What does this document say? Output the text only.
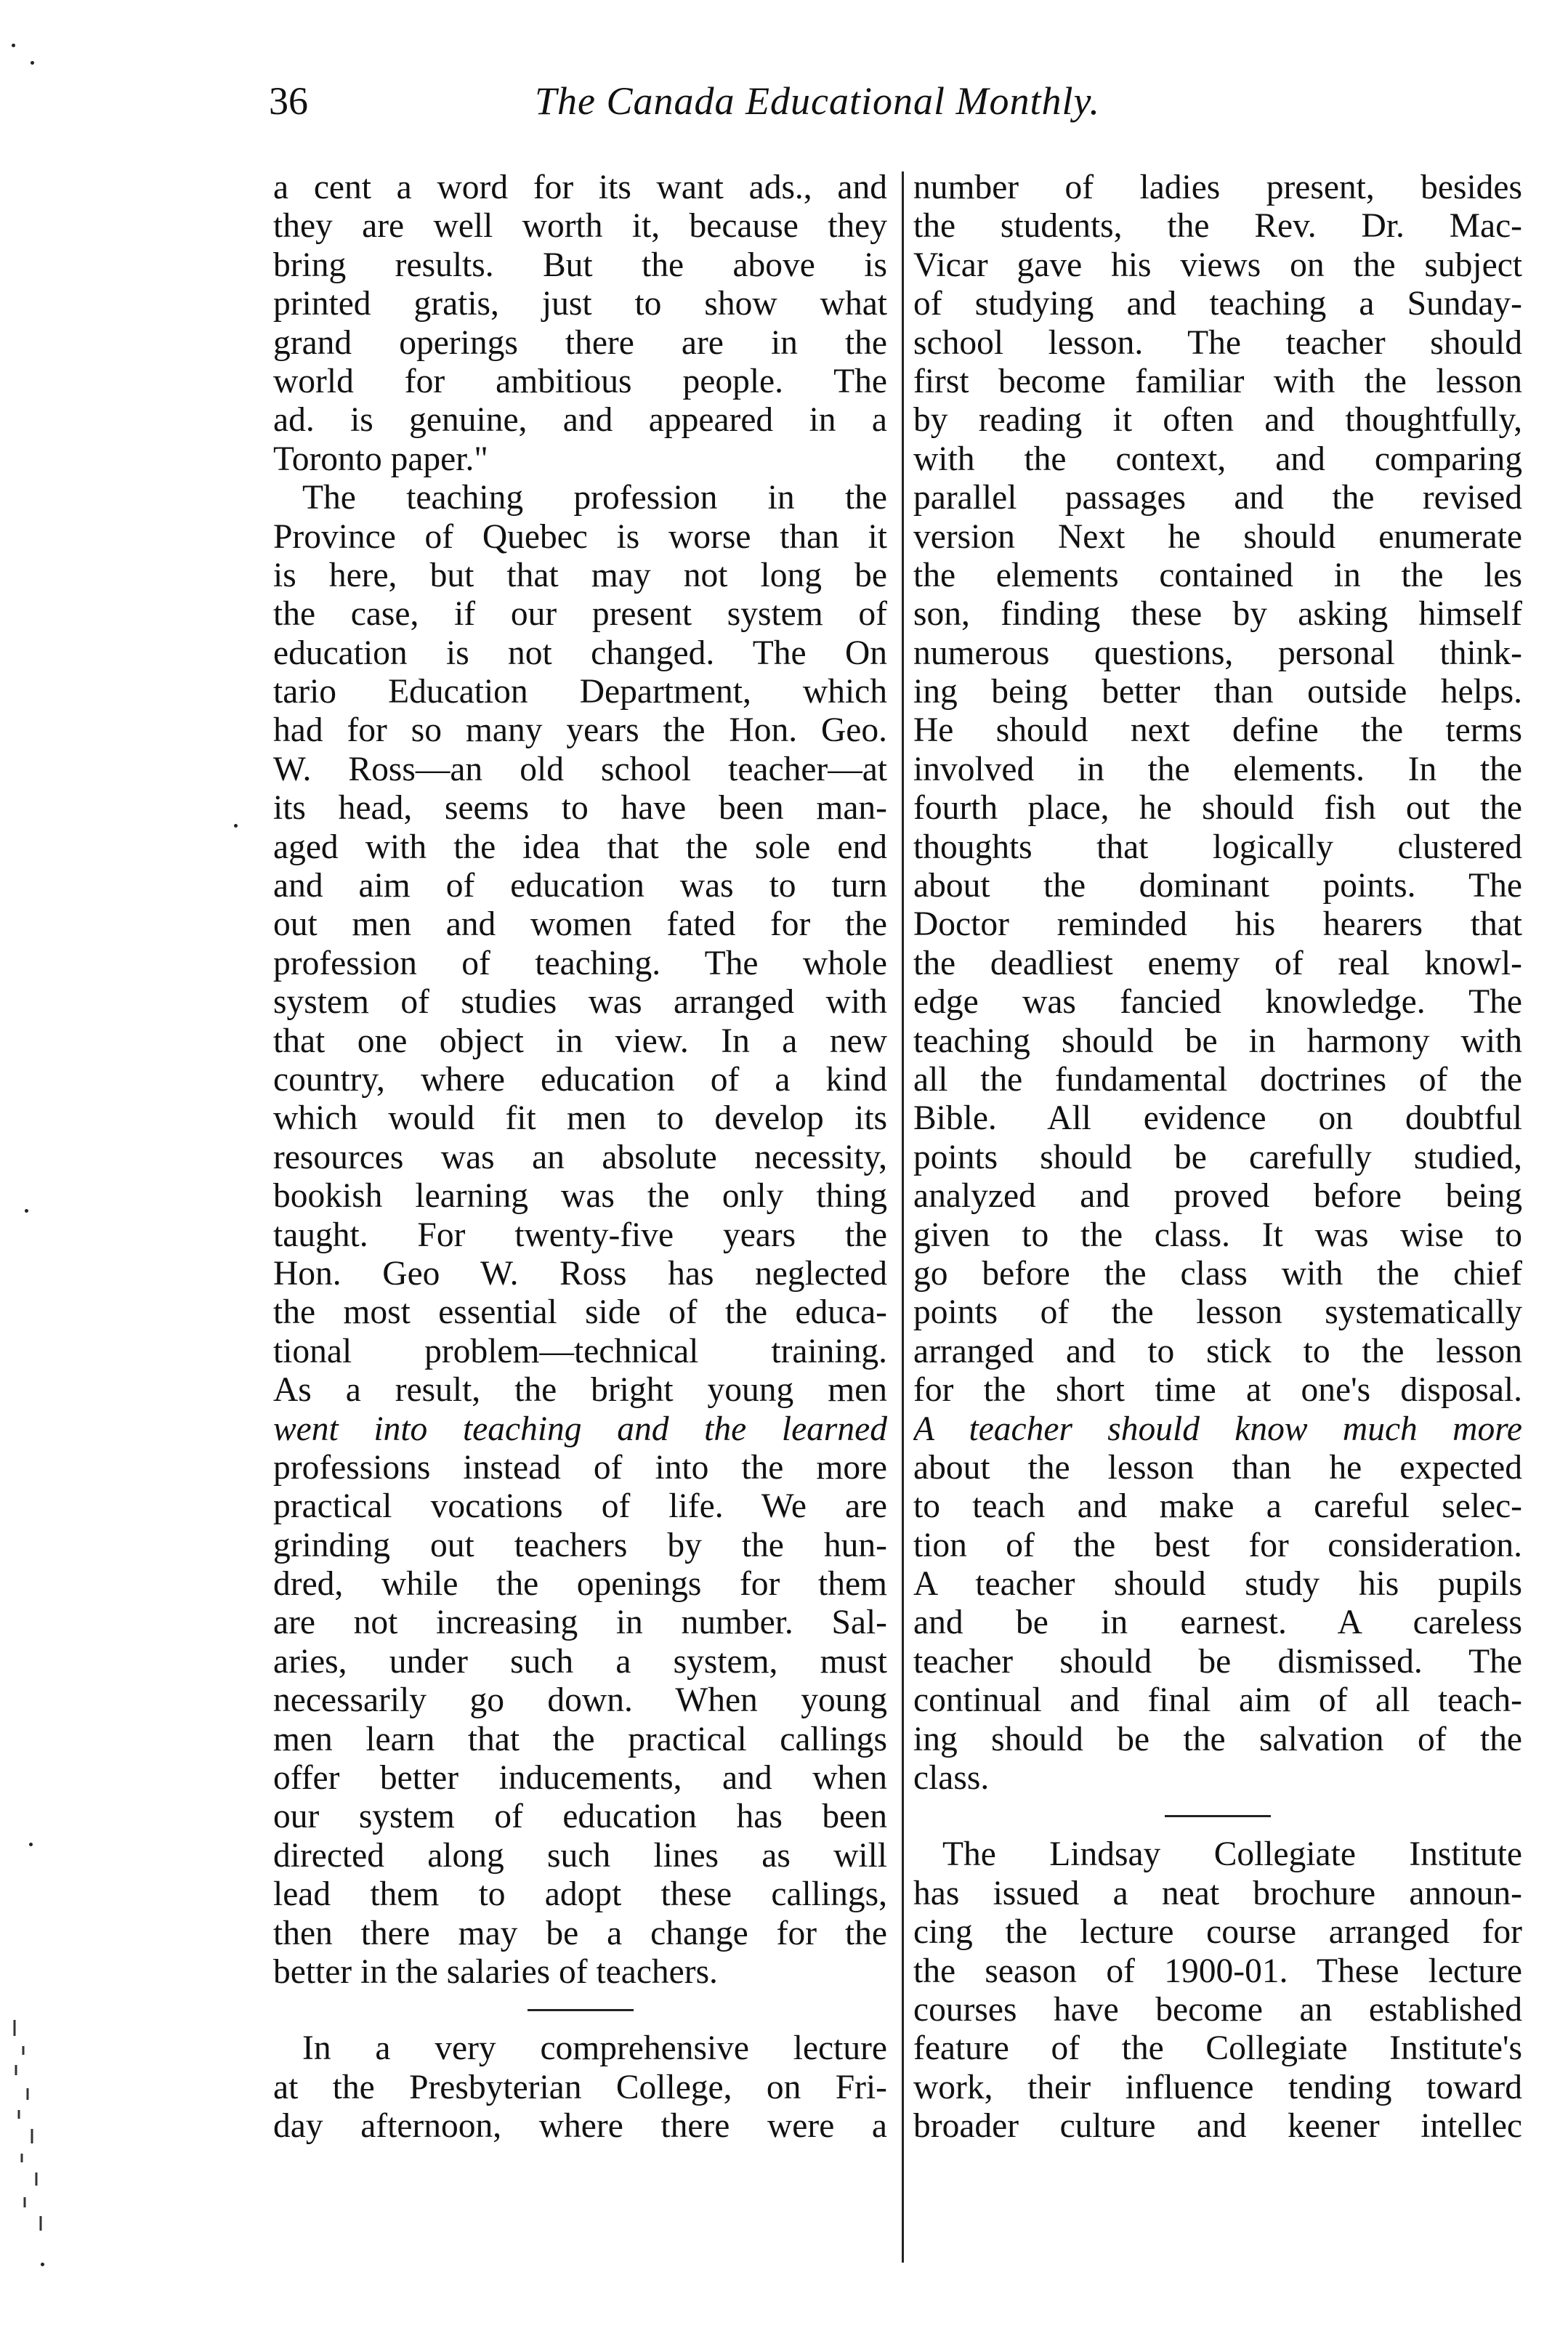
36	The Canada Educational Monthly.
a cent a word for its want ads., and
they are well worth it, because they
bring results. But the above is
printed gratis, just to show what
grand operings there are in the
world for ambitious people. The
ad. is genuine, and appeared in a
Toronto paper."
The teaching profession in the
Province of Quebec is worse than it
is here, but that may not long be
the case, if our present system of
education is not changed. The On
tario Education Department, which
had for so many years the Hon. Geo.
W. Ross—an old school teacher—at
its head, seems to have been man-
aged with the idea that the sole end
and aim of education was to turn
out men and women fated for the
profession of teaching. The whole
system of studies was arranged with
that one object in view. In a new
country, where education of a kind
which would fit men to develop its
resources was an absolute necessity,
bookish learning was the only thing
taught. For twenty-five years the
Hon. Geo W. Ross has neglected
the most essential side of the educa-
tional problem—technical training.
As a result, the bright young men
went into teaching and the learned
professions instead of into the more
practical vocations of life. We are
grinding out teachers by the hun-
dred, while the openings for them
are not increasing in number. Sal-
aries, under such a system, must
necessarily go down. When young
men learn that the practical callings
offer better inducements, and when
our system of education has been
directed along such lines as will
lead them to adopt these callings,
then there may be a change for the
better in the salaries of teachers.
In a very comprehensive lecture
at the Presbyterian College, on Fri-
day afternoon, where there were a
number of ladies present, besides
the students, the Rev. Dr. Mac-
Vicar gave his views on the subject
of studying and teaching a Sunday-
school lesson. The teacher should
first become familiar with the lesson
by reading it often and thoughtfully,
with the context, and comparing
parallel passages and the revised
version Next he should enumerate
the elements contained in the les
son, finding these by asking himself
numerous questions, personal think-
ing being better than outside helps.
He should next define the terms
involved in the elements. In the
fourth place, he should fish out the
thoughts that logically clustered
about the dominant points. The
Doctor reminded his hearers that
the deadliest enemy of real knowl-
edge was fancied knowledge. The
teaching should be in harmony with
all the fundamental doctrines of the
Bible. All evidence on doubtful
points should be carefully studied,
analyzed and proved before being
given to the class. It was wise to
go before the class with the chief
points of the lesson systematically
arranged and to stick to the lesson
for the short time at one's disposal.
A teacher should know much more
about the lesson than he expected
to teach and make a careful selec-
tion of the best for consideration.
A teacher should study his pupils
and be in earnest. A careless
teacher should be dismissed. The
continual and final aim of all teach-
ing should be the salvation of the
class.
The Lindsay Collegiate Institute
has issued a neat brochure announ-
cing the lecture course arranged for
the season of 1900-01. These lecture
courses have become an established
feature of the Collegiate Institute's
work, their influence tending toward
broader culture and keener intellec
